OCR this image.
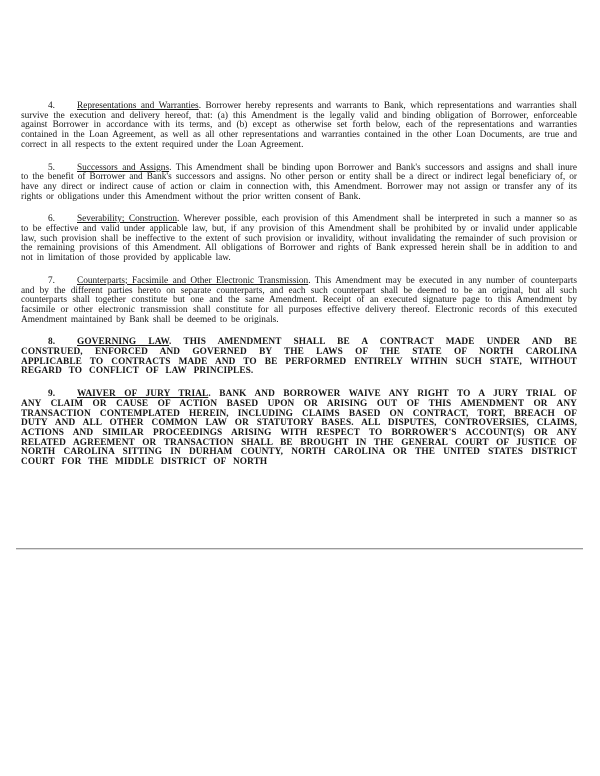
4. Representations and Warranties. Borrower hereby represents and warrants to Bank, which representations and warranties shall survive the execution and delivery hereof, that: (a) this Amendment is the legally valid and binding obligation of Borrower, enforceable against Borrower in accordance with its terms, and (b) except as otherwise set forth below, each of the representations and warranties contained in the Loan Agreement, as well as all other representations and warranties contained in the other Loan Documents, are true and correct in all respects to the extent required under the Loan Agreement.

5. Successors and Assigns. This Amendment shall be binding upon Borrower and Bank's successors and assigns and shall inure to the benefit of Borrower and Bank's successors and assigns. No other person or entity shall be a direct or indirect legal beneficiary of, or have any direct or indirect cause of action or claim in connection with, this Amendment. Borrower may not assign or transfer any of its rights or obligations under this Amendment without the prior written consent of Bank.

6. Severability; Construction. Wherever possible, each provision of this Amendment shall be interpreted in such a manner so as to be effective and valid under applicable law, but, if any provision of this Amendment shall be prohibited by or invalid under applicable law, such provision shall be ineffective to the extent of such provision or invalidity, without invalidating the remainder of such provision or the remaining provisions of this Amendment. All obligations of Borrower and rights of Bank expressed herein shall be in addition to and not in limitation of those provided by applicable law.

7. Counterparts; Facsimile and Other Electronic Transmission. This Amendment may be executed in any number of counterparts and by the different parties hereto on separate counterparts, and each such counterpart shall be deemed to be an original, but all such counterparts shall together constitute but one and the same Amendment. Receipt of an executed signature page to this Amendment by facsimile or other electronic transmission shall constitute for all purposes effective delivery thereof. Electronic records of this executed Amendment maintained by Bank shall be deemed to be originals.

8. GOVERNING LAW. THIS AMENDMENT SHALL BE A CONTRACT MADE UNDER AND BE CONSTRUED, ENFORCED AND GOVERNED BY THE LAWS OF THE STATE OF NORTH CAROLINA APPLICABLE TO CONTRACTS MADE AND TO BE PERFORMED ENTIRELY WITHIN SUCH STATE, WITHOUT REGARD TO CONFLICT OF LAW PRINCIPLES.

9. WAIVER OF JURY TRIAL. BANK AND BORROWER WAIVE ANY RIGHT TO A JURY TRIAL OF ANY CLAIM OR CAUSE OF ACTION BASED UPON OR ARISING OUT OF THIS AMENDMENT OR ANY TRANSACTION CONTEMPLATED HEREIN, INCLUDING CLAIMS BASED ON CONTRACT, TORT, BREACH OF DUTY AND ALL OTHER COMMON LAW OR STATUTORY BASES. ALL DISPUTES, CONTROVERSIES, CLAIMS, ACTIONS AND SIMILAR PROCEEDINGS ARISING WITH RESPECT TO BORROWER'S ACCOUNT(S) OR ANY RELATED AGREEMENT OR TRANSACTION SHALL BE BROUGHT IN THE GENERAL COURT OF JUSTICE OF NORTH CAROLINA SITTING IN DURHAM COUNTY, NORTH CAROLINA OR THE UNITED STATES DISTRICT COURT FOR THE MIDDLE DISTRICT OF NORTH
